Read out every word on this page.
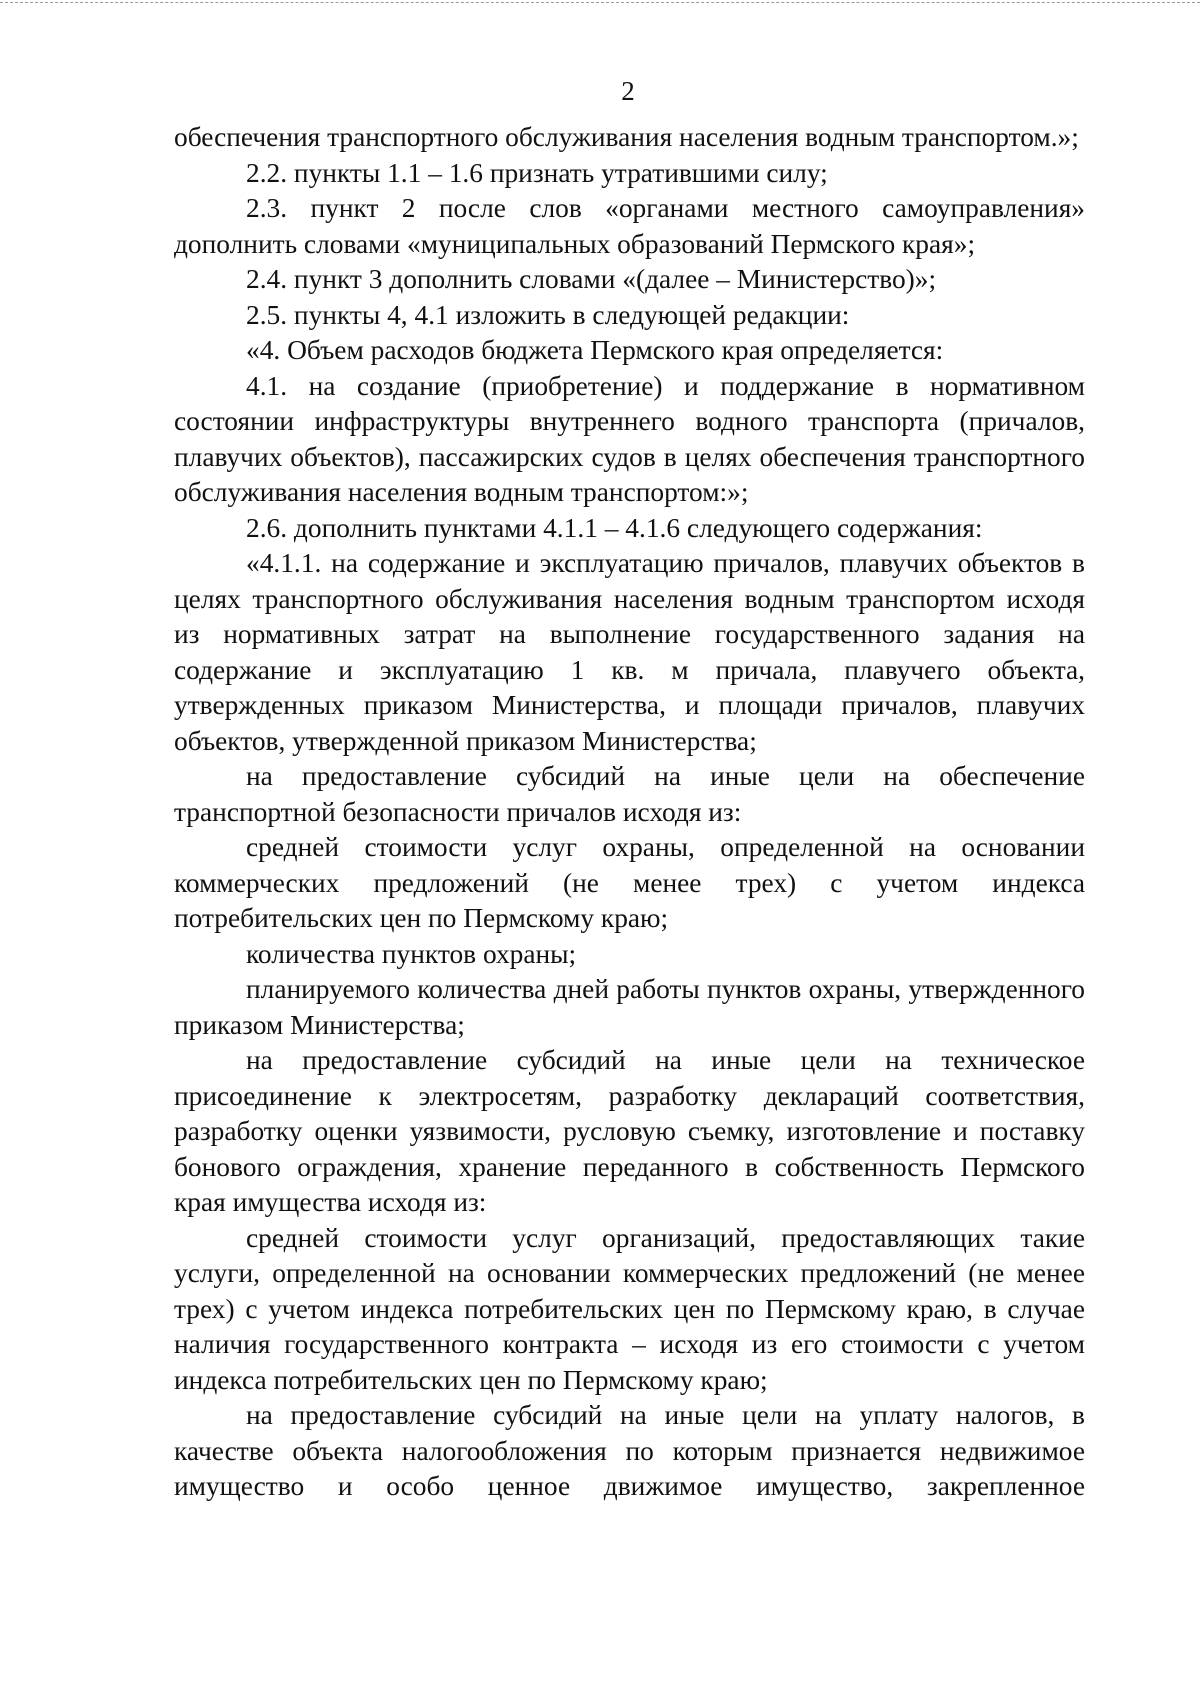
2

обеспечения транспортного обслуживания населения водным транспортом.»;

2.2. пункты 1.1 – 1.6 признать утратившими силу;

2.3. пункт 2 после слов «органами местного самоуправления» дополнить словами «муниципальных образований Пермского края»;

2.4. пункт 3 дополнить словами «(далее – Министерство)»;

2.5. пункты 4, 4.1 изложить в следующей редакции:

«4. Объем расходов бюджета Пермского края определяется:

4.1. на создание (приобретение) и поддержание в нормативном состоянии инфраструктуры внутреннего водного транспорта (причалов, плавучих объектов), пассажирских судов в целях обеспечения транспортного обслуживания населения водным транспортом:»;

2.6. дополнить пунктами 4.1.1 – 4.1.6 следующего содержания:

«4.1.1. на содержание и эксплуатацию причалов, плавучих объектов в целях транспортного обслуживания населения водным транспортом исходя из нормативных затрат на выполнение государственного задания на содержание и эксплуатацию 1 кв. м причала, плавучего объекта, утвержденных приказом Министерства, и площади причалов, плавучих объектов, утвержденной приказом Министерства;

на предоставление субсидий на иные цели на обеспечение транспортной безопасности причалов исходя из:

средней стоимости услуг охраны, определенной на основании коммерческих предложений (не менее трех) с учетом индекса потребительских цен по Пермскому краю;

количества пунктов охраны;

планируемого количества дней работы пунктов охраны, утвержденного приказом Министерства;

на предоставление субсидий на иные цели на техническое присоединение к электросетям, разработку деклараций соответствия, разработку оценки уязвимости, русловую съемку, изготовление и поставку бонового ограждения, хранение переданного в собственность Пермского края имущества исходя из:

средней стоимости услуг организаций, предоставляющих такие услуги, определенной на основании коммерческих предложений (не менее трех) с учетом индекса потребительских цен по Пермскому краю, в случае наличия государственного контракта – исходя из его стоимости с учетом индекса потребительских цен по Пермскому краю;

на предоставление субсидий на иные цели на уплату налогов, в качестве объекта налогообложения по которым признается недвижимое имущество и особо ценное движимое имущество, закрепленное
